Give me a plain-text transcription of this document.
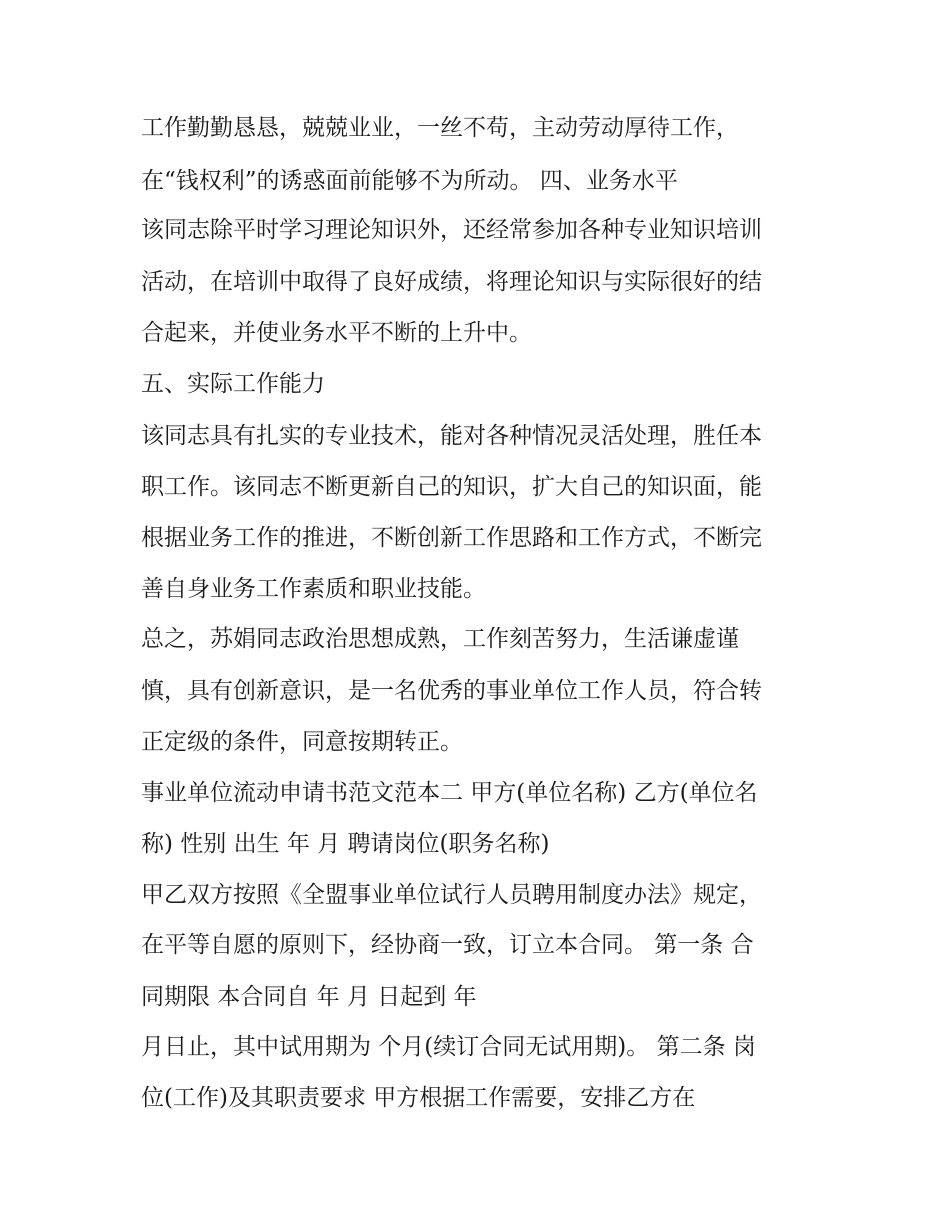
工作勤勤恳恳，兢兢业业，一丝不苟，主动劳动厚待工作，

在“钱权利”的诱惑面前能够不为所动。 四、业务水平

该同志除平时学习理论知识外，还经常参加各种专业知识培训

活动，在培训中取得了良好成绩，将理论知识与实际很好的结

合起来，并使业务水平不断的上升中。

五、实际工作能力

该同志具有扎实的专业技术，能对各种情况灵活处理，胜任本

职工作。该同志不断更新自己的知识，扩大自己的知识面，能

根据业务工作的推进，不断创新工作思路和工作方式，不断完

善自身业务工作素质和职业技能。

总之，苏娟同志政治思想成熟，工作刻苦努力，生活谦虚谨

慎，具有创新意识，是一名优秀的事业单位工作人员，符合转

正定级的条件，同意按期转正。

事业单位流动申请书范文范本二 甲方(单位名称) 乙方(单位名

称) 性别 出生 年 月 聘请岗位(职务名称)

甲乙双方按照《全盟事业单位试行人员聘用制度办法》规定，

在平等自愿的原则下，经协商一致，订立本合同。 第一条 合

同期限 本合同自 年 月 日起到 年

月日止，其中试用期为 个月(续订合同无试用期)。 第二条 岗

位(工作)及其职责要求 甲方根据工作需要，安排乙方在
